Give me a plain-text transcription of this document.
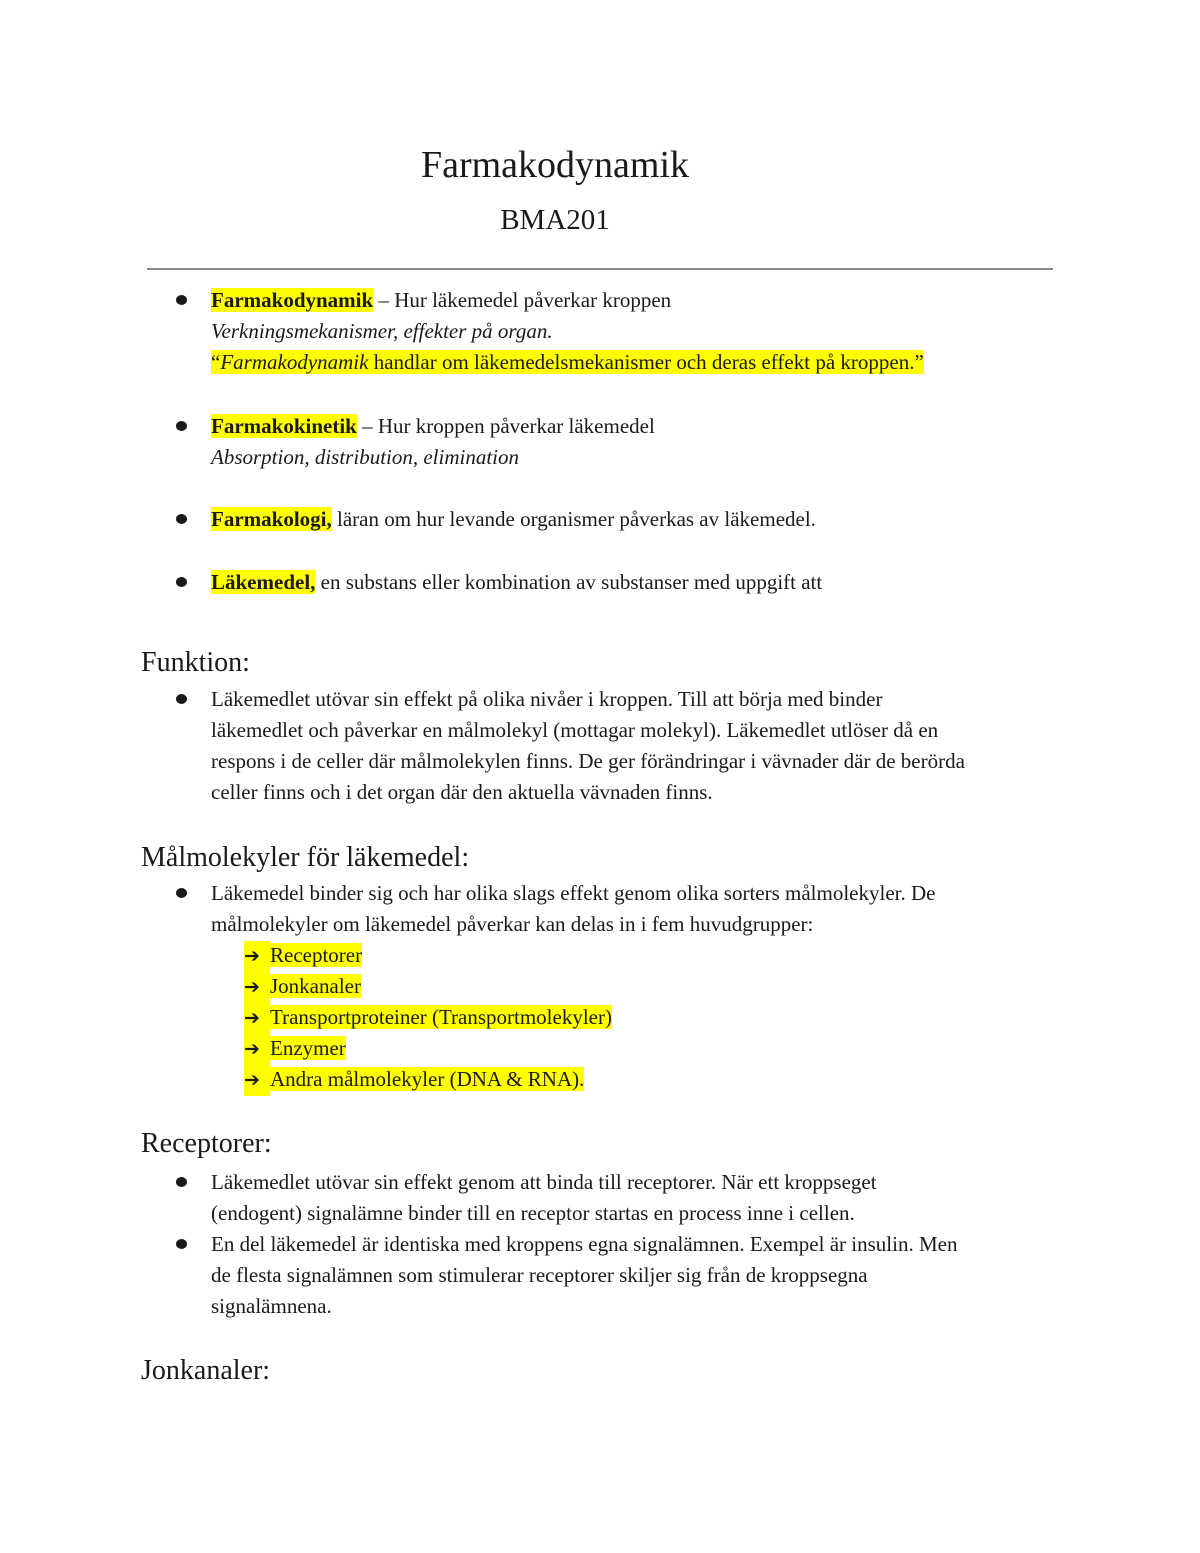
Farmakodynamik
BMA201
Farmakodynamik – Hur läkemedel påverkar kroppen
Verkningsmekanismer, effekter på organ.
“Farmakodynamik handlar om läkemedelsmekanismer och deras effekt på kroppen.”
Farmakokinetik – Hur kroppen påverkar läkemedel
Absorption, distribution, elimination
Farmakologi, läran om hur levande organismer påverkas av läkemedel.
Läkemedel, en substans eller kombination av substanser med uppgift att
Funktion:
Läkemedlet utövar sin effekt på olika nivåer i kroppen. Till att börja med binder
läkemedlet och påverkar en målmolekyl (mottagar molekyl). Läkemedlet utlöser då en
respons i de celler där målmolekylen finns. De ger förändringar i vävnader där de berörda
celler finns och i det organ där den aktuella vävnaden finns.
Målmolekyler för läkemedel:
Läkemedel binder sig och har olika slags effekt genom olika sorters målmolekyler. De
målmolekyler om läkemedel påverkar kan delas in i fem huvudgrupper:
➔ Receptorer
➔ Jonkanaler
➔ Transportproteiner (Transportmolekyler)
➔ Enzymer
➔ Andra målmolekyler (DNA & RNA).
Receptorer:
Läkemedlet utövar sin effekt genom att binda till receptorer. När ett kroppseget
(endogent) signalämne binder till en receptor startas en process inne i cellen.
En del läkemedel är identiska med kroppens egna signalämnen. Exempel är insulin. Men
de flesta signalämnen som stimulerar receptorer skiljer sig från de kroppsegna
signalämnena.
Jonkanaler:
